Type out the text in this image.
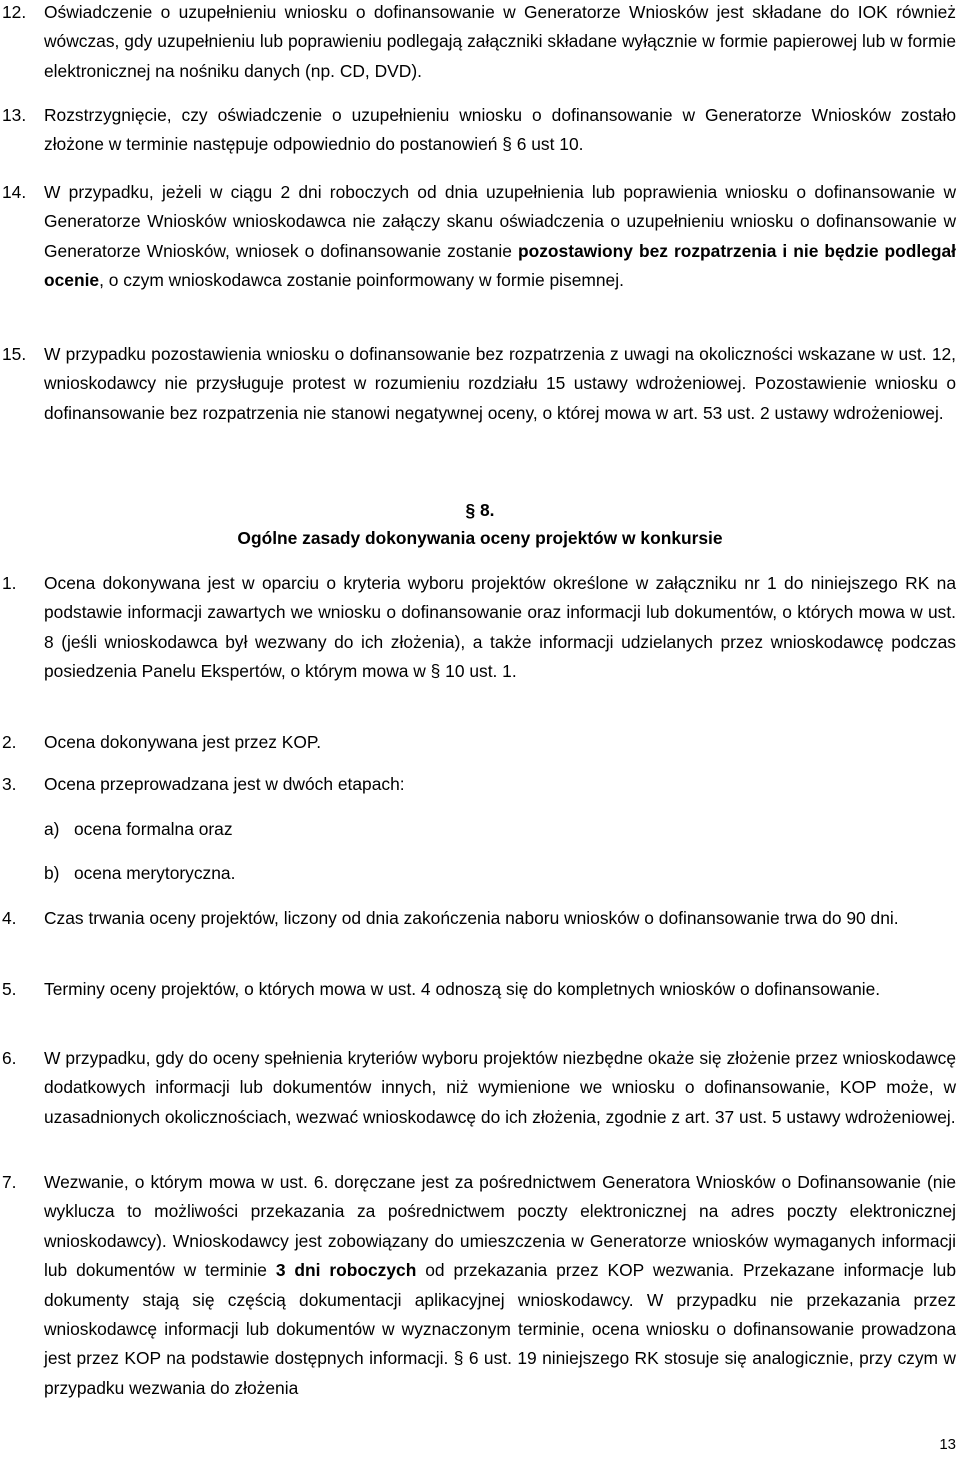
12. Oświadczenie o uzupełnieniu wniosku o dofinansowanie w Generatorze Wniosków jest składane do IOK również wówczas, gdy uzupełnieniu lub poprawieniu podlegają załączniki składane wyłącznie w formie papierowej lub w formie elektronicznej na nośniku danych (np. CD, DVD).
13. Rozstrzygnięcie, czy oświadczenie o uzupełnieniu wniosku o dofinansowanie w Generatorze Wniosków zostało złożone w terminie następuje odpowiednio do postanowień § 6 ust 10.
14. W przypadku, jeżeli w ciągu 2 dni roboczych od dnia uzupełnienia lub poprawienia wniosku o dofinansowanie w Generatorze Wniosków wnioskodawca nie załączy skanu oświadczenia o uzupełnieniu wniosku o dofinansowanie w Generatorze Wniosków, wniosek o dofinansowanie zostanie pozostawiony bez rozpatrzenia i nie będzie podlegał ocenie, o czym wnioskodawca zostanie poinformowany w formie pisemnej.
15. W przypadku pozostawienia wniosku o dofinansowanie bez rozpatrzenia z uwagi na okoliczności wskazane w ust. 12, wnioskodawcy nie przysługuje protest w rozumieniu rozdziału 15 ustawy wdrożeniowej. Pozostawienie wniosku o dofinansowanie bez rozpatrzenia nie stanowi negatywnej oceny, o której mowa w art. 53 ust. 2 ustawy wdrożeniowej.
§ 8.
Ogólne zasady dokonywania oceny projektów w konkursie
1. Ocena dokonywana jest w oparciu o kryteria wyboru projektów określone w załączniku nr 1 do niniejszego RK na podstawie informacji zawartych we wniosku o dofinansowanie oraz informacji lub dokumentów, o których mowa w ust. 8 (jeśli wnioskodawca był wezwany do ich złożenia), a także informacji udzielanych przez wnioskodawcę podczas posiedzenia Panelu Ekspertów, o którym mowa w § 10 ust. 1.
2. Ocena dokonywana jest przez KOP.
3. Ocena przeprowadzana jest w dwóch etapach:
a) ocena formalna oraz
b) ocena merytoryczna.
4. Czas trwania oceny projektów, liczony od dnia zakończenia naboru wniosków o dofinansowanie trwa do 90 dni.
5. Terminy oceny projektów, o których mowa w ust. 4 odnoszą się do kompletnych wniosków o dofinansowanie.
6. W przypadku, gdy do oceny spełnienia kryteriów wyboru projektów niezbędne okaże się złożenie przez wnioskodawcę dodatkowych informacji lub dokumentów innych, niż wymienione we wniosku o dofinansowanie, KOP może, w uzasadnionych okolicznościach, wezwać wnioskodawcę do ich złożenia, zgodnie z art. 37 ust. 5 ustawy wdrożeniowej.
7. Wezwanie, o którym mowa w ust. 6. doręczane jest za pośrednictwem Generatora Wniosków o Dofinansowanie (nie wyklucza to możliwości przekazania za pośrednictwem poczty elektronicznej na adres poczty elektronicznej wnioskodawcy). Wnioskodawcy jest zobowiązany do umieszczenia w Generatorze wniosków wymaganych informacji lub dokumentów w terminie 3 dni roboczych od przekazania przez KOP wezwania. Przekazane informacje lub dokumenty stają się częścią dokumentacji aplikacyjnej wnioskodawcy. W przypadku nie przekazania przez wnioskodawcę informacji lub dokumentów w wyznaczonym terminie, ocena wniosku o dofinansowanie prowadzona jest przez KOP na podstawie dostępnych informacji. § 6 ust. 19 niniejszego RK stosuje się analogicznie, przy czym w przypadku wezwania do złożenia
13
